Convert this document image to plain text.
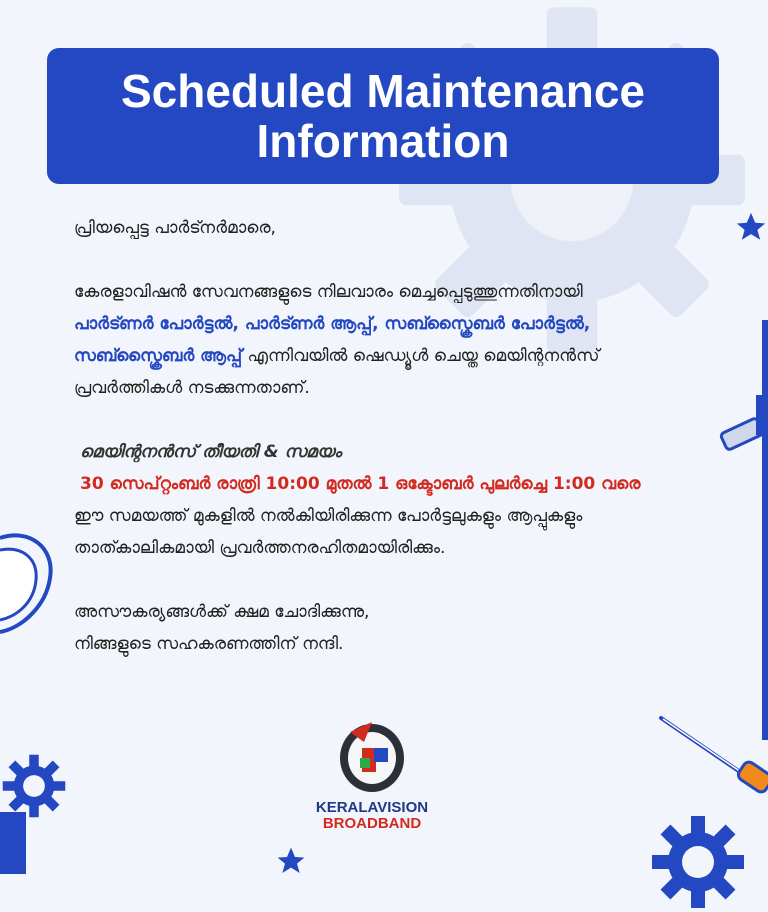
Scheduled Maintenance
Information
പ്രിയപ്പെട്ട പാർട്നർമാരെ,
കേരളാവിഷൻ സേവനങ്ങളുടെ നിലവാരം മെച്ചപ്പെടുത്തുന്നതിനായി
പാർട്ണർ പോർട്ടൽ, പാർട്ണർ ആപ്പ്, സബ്സ്ക്രൈബർ പോർട്ടൽ,
സബ്സ്ക്രൈബർ ആപ്പ് എന്നിവയിൽ ഷെഡ്യൂൾ ചെയ്ത മെയിന്റനൻസ്
പ്രവർത്തികൾ നടക്കുന്നതാണ്.
മെയിന്റനൻസ് തീയതി & സമയം
30 സെപ്റ്റംബർ രാത്രി 10:00 മുതൽ 1 ഒക്ടോബർ പുലർച്ചെ 1:00 വരെ
ഈ സമയത്ത് മുകളിൽ നൽകിയിരിക്കുന്ന പോർട്ടലുകളും ആപ്പുകളും
താത്കാലികമായി പ്രവർത്തനരഹിതമായിരിക്കും.
അസൗകര്യങ്ങൾക്ക് ക്ഷമ ചോദിക്കുന്നു,
നിങ്ങളുടെ സഹകരണത്തിന് നന്ദി.
KERALAVISION
BROADBAND
